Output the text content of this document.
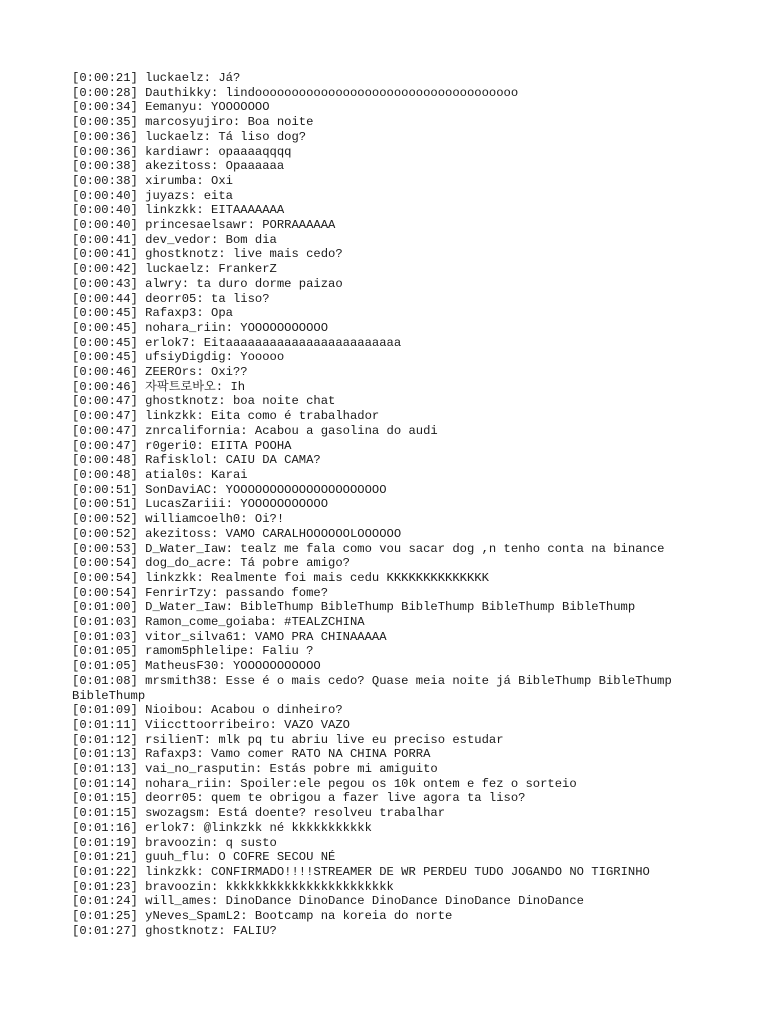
[0:00:21] luckaelz: Já?
[0:00:28] Dauthikky: lindoooooooooooooooooooooooooooooooooooo
[0:00:34] Eemanyu: YOOOOOOO
[0:00:35] marcosyujiro: Boa noite
[0:00:36] luckaelz: Tá liso dog?
[0:00:36] kardiawr: opaaaaqqqq
[0:00:38] akezitoss: Opaaaaaa
[0:00:38] xirumba: Oxi
[0:00:40] juyazs: eita
[0:00:40] linkzkk: EITAAAAAAA
[0:00:40] princesaelsawr: PORRAAAAAA
[0:00:41] dev_vedor: Bom dia
[0:00:41] ghostknotz: live mais cedo?
[0:00:42] luckaelz: FrankerZ
[0:00:43] alwry: ta duro dorme paizao
[0:00:44] deorr05: ta liso?
[0:00:45] Rafaxp3: Opa
[0:00:45] nohara_riin: YOOOOOOOOOOO
[0:00:45] erlok7: Eitaaaaaaaaaaaaaaaaaaaaaaaa
[0:00:45] ufsiyDigdig: Yooooo
[0:00:46] ZEEROrs: Oxi??
[0:00:46] 자팍트로바오: Ih
[0:00:47] ghostknotz: boa noite chat
[0:00:47] linkzkk: Eita como é trabalhador
[0:00:47] znrcalifornia: Acabou a gasolina do audi
[0:00:47] r0geri0: EIITA POOHA
[0:00:48] Rafisklol: CAIU DA CAMA?
[0:00:48] atial0s: Karai
[0:00:51] SonDaviAC: YOOOOOOOOOOOOOOOOOOOOO
[0:00:51] LucasZariii: YOOOOOOOOOOO
[0:00:52] williamcoelh0: Oi?!
[0:00:52] akezitoss: VAMO CARALHOOOOOOLOOOOOO
[0:00:53] D_Water_Iaw: tealz me fala como vou sacar dog ,n tenho conta na binance
[0:00:54] dog_do_acre: Tá pobre amigo?
[0:00:54] linkzkk: Realmente foi mais cedu KKKKKKKKKKKKKK
[0:00:54] FenrirTzy: passando fome?
[0:01:00] D_Water_Iaw: BibleThump BibleThump BibleThump BibleThump BibleThump
[0:01:03] Ramon_come_goiaba: #TEALZCHINA
[0:01:03] vitor_silva61: VAMO PRA CHINAAAAA
[0:01:05] ramom5phlelipe: Faliu ?
[0:01:05] MatheusF30: YOOOOOOOOOOO
[0:01:08] mrsmith38: Esse é o mais cedo? Quase meia noite já BibleThump BibleThump BibleThump
[0:01:09] Nioibou: Acabou o dinheiro?
[0:01:11] Viiccttoorribeiro: VAZO VAZO
[0:01:12] rsilienT: mlk pq tu abriu live eu preciso estudar
[0:01:13] Rafaxp3: Vamo comer RATO NA CHINA PORRA
[0:01:13] vai_no_rasputin: Estás pobre mi amiguito
[0:01:14] nohara_riin: Spoiler:ele pegou os 10k ontem e fez o sorteio
[0:01:15] deorr05: quem te obrigou a fazer live agora ta liso?
[0:01:15] swozagsm: Está doente? resolveu trabalhar
[0:01:16] erlok7: @linkzkk né kkkkkkkkkkk
[0:01:19] bravoozin: q susto
[0:01:21] guuh_flu: O COFRE SECOU NÉ
[0:01:22] linkzkk: CONFIRMADO!!!!STREAMER DE WR PERDEU TUDO JOGANDO NO TIGRINHO
[0:01:23] bravoozin: kkkkkkkkkkkkkkkkkkkkkkk
[0:01:24] will_ames: DinoDance DinoDance DinoDance DinoDance DinoDance
[0:01:25] yNeves_SpamL2: Bootcamp na koreia do norte
[0:01:27] ghostknotz: FALIU?
